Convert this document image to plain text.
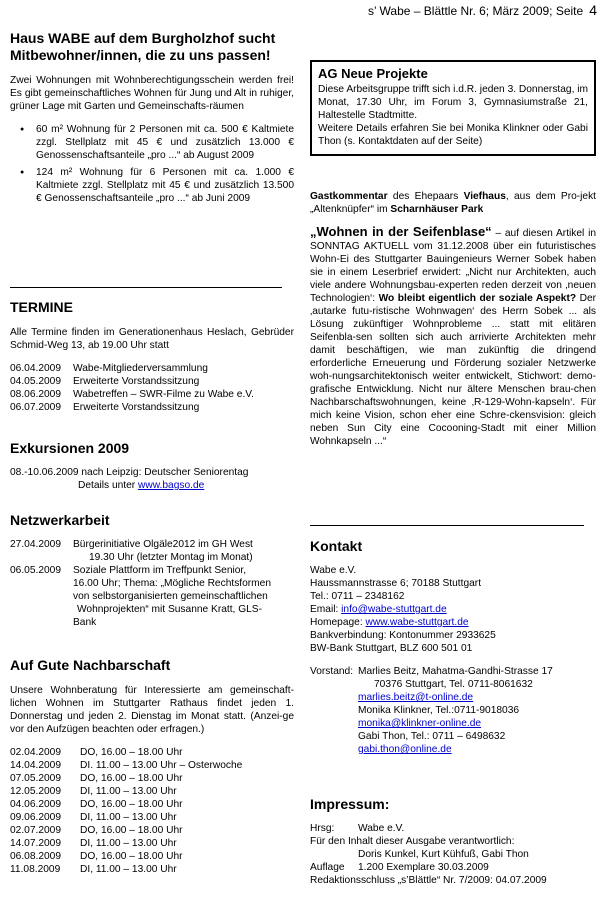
s’ Wabe – Blättle Nr. 6; März 2009; Seite 4
Haus WABE auf dem Burgholzhof sucht Mitbewohner/innen, die zu uns passen!

Zwei Wohnungen mit Wohnberechtigungsschein werden frei! Es gibt gemeinschaftliches Wohnen für Jung und Alt in ruhiger, grüner Lage mit Garten und Gemeinschafts-räumen

● 60 m² Wohnung für 2 Personen mit ca. 500 € Kaltmiete zzgl. Stellplatz mit 45 € und zusätzlich 13.000 € Genossenschaftsanteile „pro ...“ ab August 2009
● 124 m² Wohnung für 6 Personen mit ca. 1.000 € Kaltmiete zzgl. Stellplatz mit 45 € und zusätzlich 13.500 € Genossenschaftsanteile „pro ...“ ab Juni 2009
TERMINE

Alle Termine finden im Generationenhaus Heslach, Gebrüder Schmid-Weg 13, ab 19.00 Uhr statt

06.04.2009	Wabe-Mitgliederversammlung
04.05.2009	Erweiterte Vorstandssitzung
08.06.2009	Wabetreffen – SWR-Filme zu Wabe e.V.
06.07.2009	Erweiterte Vorstandssitzung
Exkursionen 2009

08.-10.06.2009 nach Leipzig: Deutscher Seniorentag

Details unter www.bagso.de

Netzwerkarbeit
27.04.2009	Bürgerinitiative Olgäle2012 im GH West
19.30 Uhr (letzter Montag im Monat)
06.05.2009	Soziale Plattform im Treffpunkt Senior,
16.00 Uhr; Thema: „Mögliche Rechtsformen
von selbstorganisierten gemeinschaftlichen
Wohnprojekten“ mit Susanne Kratt, GLS-
Bank
Auf Gute Nachbarschaft

Unsere Wohnberatung für Interessierte am gemeinschaft-lichen Wohnen im Stuttgarter Rathaus findet jeden 1. Donnerstag und jeden 2. Dienstag im Monat statt. (Anzei-ge vor den Aufzügen beachten oder erfragen.)

02.04.2009	DO, 16.00 – 18.00 Uhr
14.04.2009	DI. 11.00 – 13.00 Uhr – Osterwoche
07.05.2009	DO, 16.00 – 18.00 Uhr
12.05.2009	DI, 11.00 – 13.00 Uhr
04.06.2009	DO, 16.00 – 18.00 Uhr
09.06.2009	DI, 11.00 – 13.00 Uhr
02.07.2009	DO, 16.00 – 18.00 Uhr
14.07.2009	DI, 11.00 – 13.00 Uhr
06.08.2009	DO, 16.00 – 18.00 Uhr
11.08.2009	DI, 11.00 – 13.00 Uhr
AG Neue Projekte

Diese Arbeitsgruppe trifft sich i.d.R. jeden 3. Donnerstag, im Monat, 17.30 Uhr, im Forum 3, Gymnasiumstraße 21, Haltestelle Stadtmitte.

Weitere Details erfahren Sie bei Monika Klinkner oder Gabi Thon (s. Kontaktdaten auf der Seite)

Gastkommentar des Ehepaars Viefhaus, aus dem Pro-jekt „Altenknüpfer“ im Scharnhäuser Park

„Wohnen in der Seifenblase“ – auf diesen Artikel in SONNTAG AKTUELL vom 31.12.2008 über ein futuristisches Wohn-Ei des Stuttgarter Bauingenieurs Werner Sobek haben sie in einem Leserbrief erwidert: „Nicht nur Architekten, auch viele andere Wohnungsbau-experten reden derzeit von ‚neuen Technologien‘: Wo bleibt eigentlich der soziale Aspekt? Der ‚autarke futu-ristische Wohnwagen‘ des Herrn Sobek ... als Lösung zukünftiger Wohnprobleme ... statt mit elitären Seifenbla-sen sollten sich auch arrivierte Architekten mehr damit beschäftigen, wie man zukünftig die dringend erforderliche Erneuerung und Förderung sozialer Netzwerke woh-nungsarchitektonisch weiter entwickelt, Stichwort: demo-grafische Entwicklung. Nicht nur ältere Menschen brau-chen Nachbarschaftswohnungen, keine ‚R-129-Wohn-kapseln‘. Für mich keine Vision, schon eher eine Schre-ckensvision: gleich neben Sun City eine Cocooning-Stadt mit einer Million Wohnkapseln ...“

Kontakt
Wabe e.V.
Haussmannstrasse 6; 70188 Stuttgart
Tel.: 0711 – 2348162
Email: info@wabe-stuttgart.de
Homepage: www.wabe-stuttgart.de
Bankverbindung: Kontonummer 2933625
BW-Bank Stuttgart, BLZ 600 501 01
Vorstand: Marlies Beitz, Mahatma-Gandhi-Strasse 17
70376 Stuttgart, Tel. 0711-8061632
marlies.beitz@t-online.de
Monika Klinkner, Tel.:0711-9018036
monika@klinkner-online.de
Gabi Thon, Tel.: 0711 – 6498632
gabi.thon@online.de
Impressum:
Hrsg:	Wabe e.V.
Für den Inhalt dieser Ausgabe verantwortlich:
Doris Kunkel, Kurt Kühfuß, Gabi Thon
Auflage	1.200 Exemplare 30.03.2009
Redaktionsschluss „s’Blättle“ Nr. 7/2009: 04.07.2009
